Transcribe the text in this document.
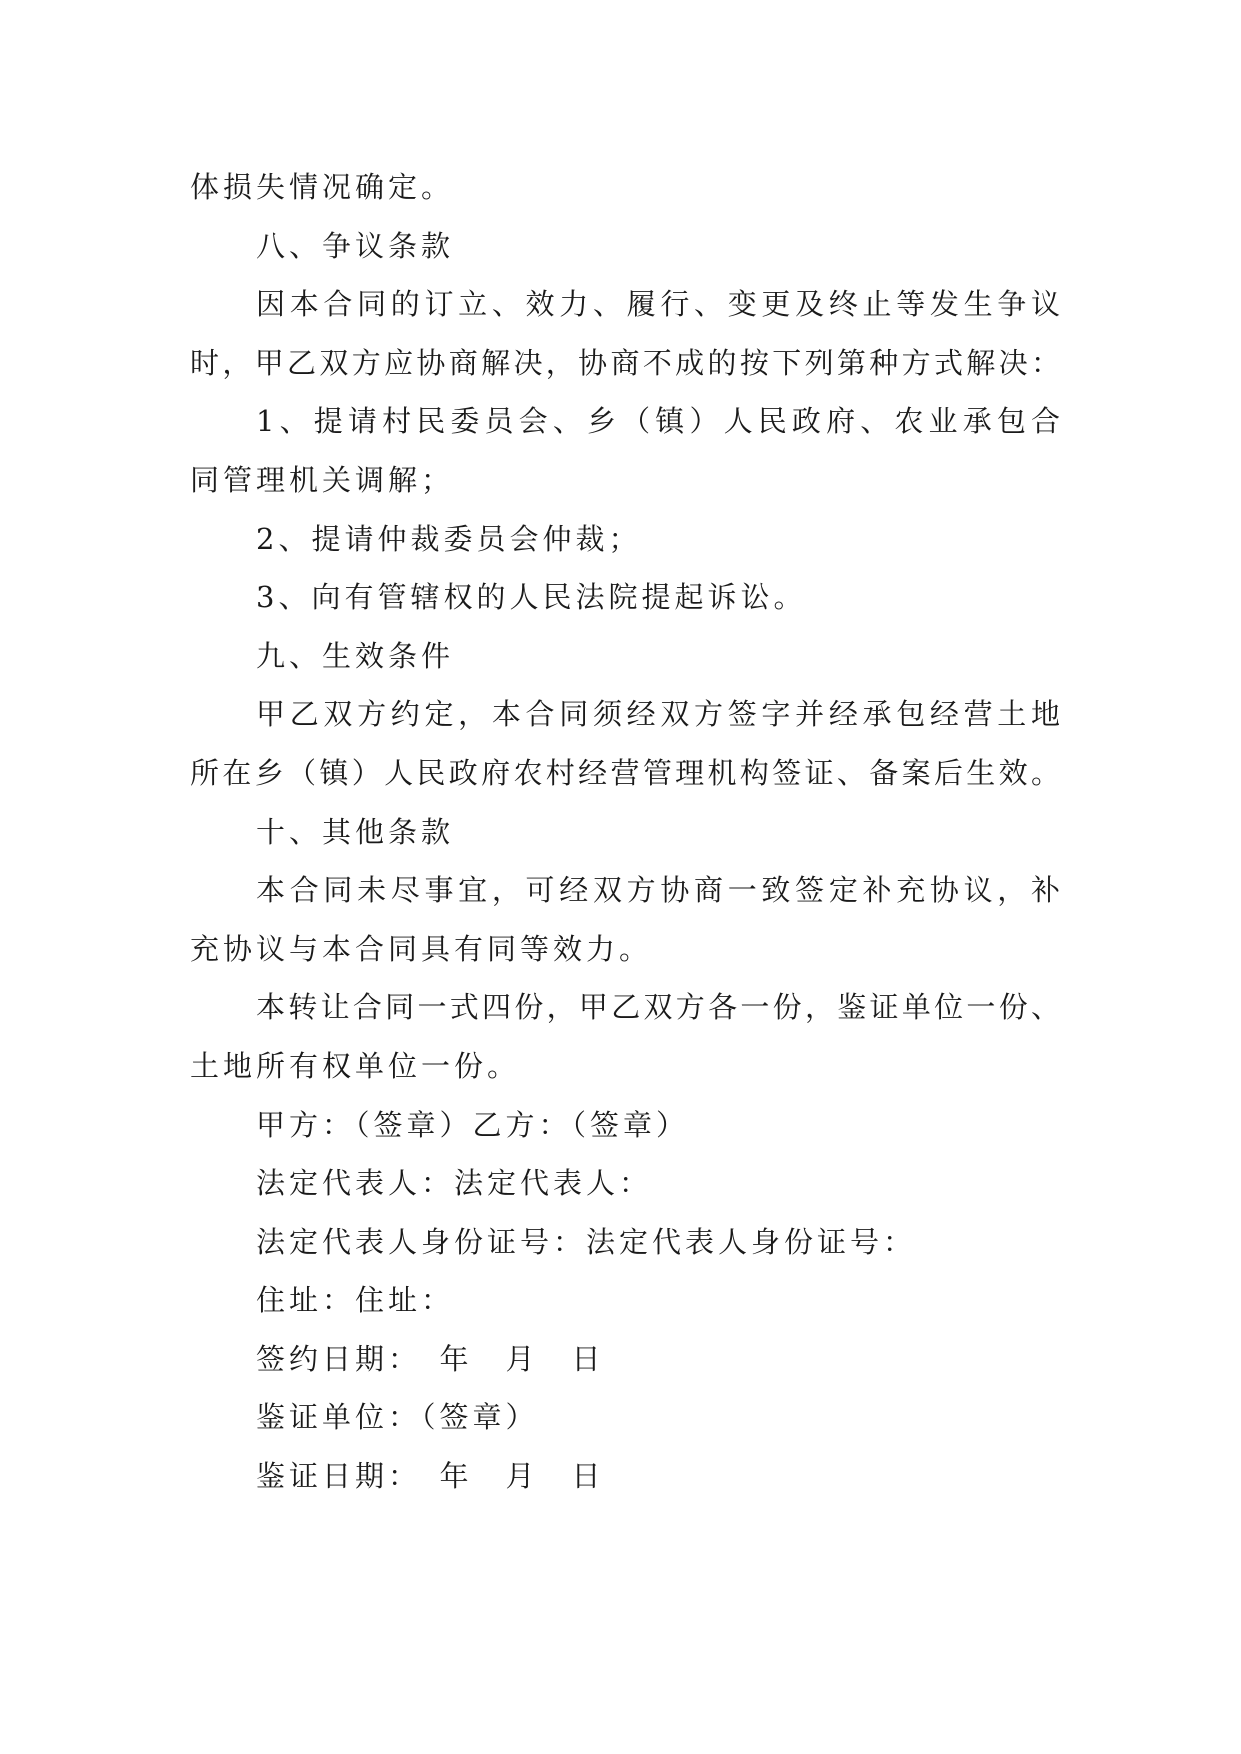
体损失情况确定。
八、争议条款
因本合同的订立、效力、履行、变更及终止等发生争议
时，甲乙双方应协商解决，协商不成的按下列第种方式解决：
1、提请村民委员会、乡（镇）人民政府、农业承包合
同管理机关调解；
2、提请仲裁委员会仲裁；
3、向有管辖权的人民法院提起诉讼。
九、生效条件
甲乙双方约定，本合同须经双方签字并经承包经营土地
所在乡（镇）人民政府农村经营管理机构签证、备案后生效。
十、其他条款
本合同未尽事宜，可经双方协商一致签定补充协议，补
充协议与本合同具有同等效力。
本转让合同一式四份，甲乙双方各一份，鉴证单位一份、
土地所有权单位一份。
甲方：（签章）乙方：（签章）
法定代表人：法定代表人：
法定代表人身份证号：法定代表人身份证号：
住址：住址：
签约日期：　年　月　日
鉴证单位：（签章）
鉴证日期：　年　月　日
